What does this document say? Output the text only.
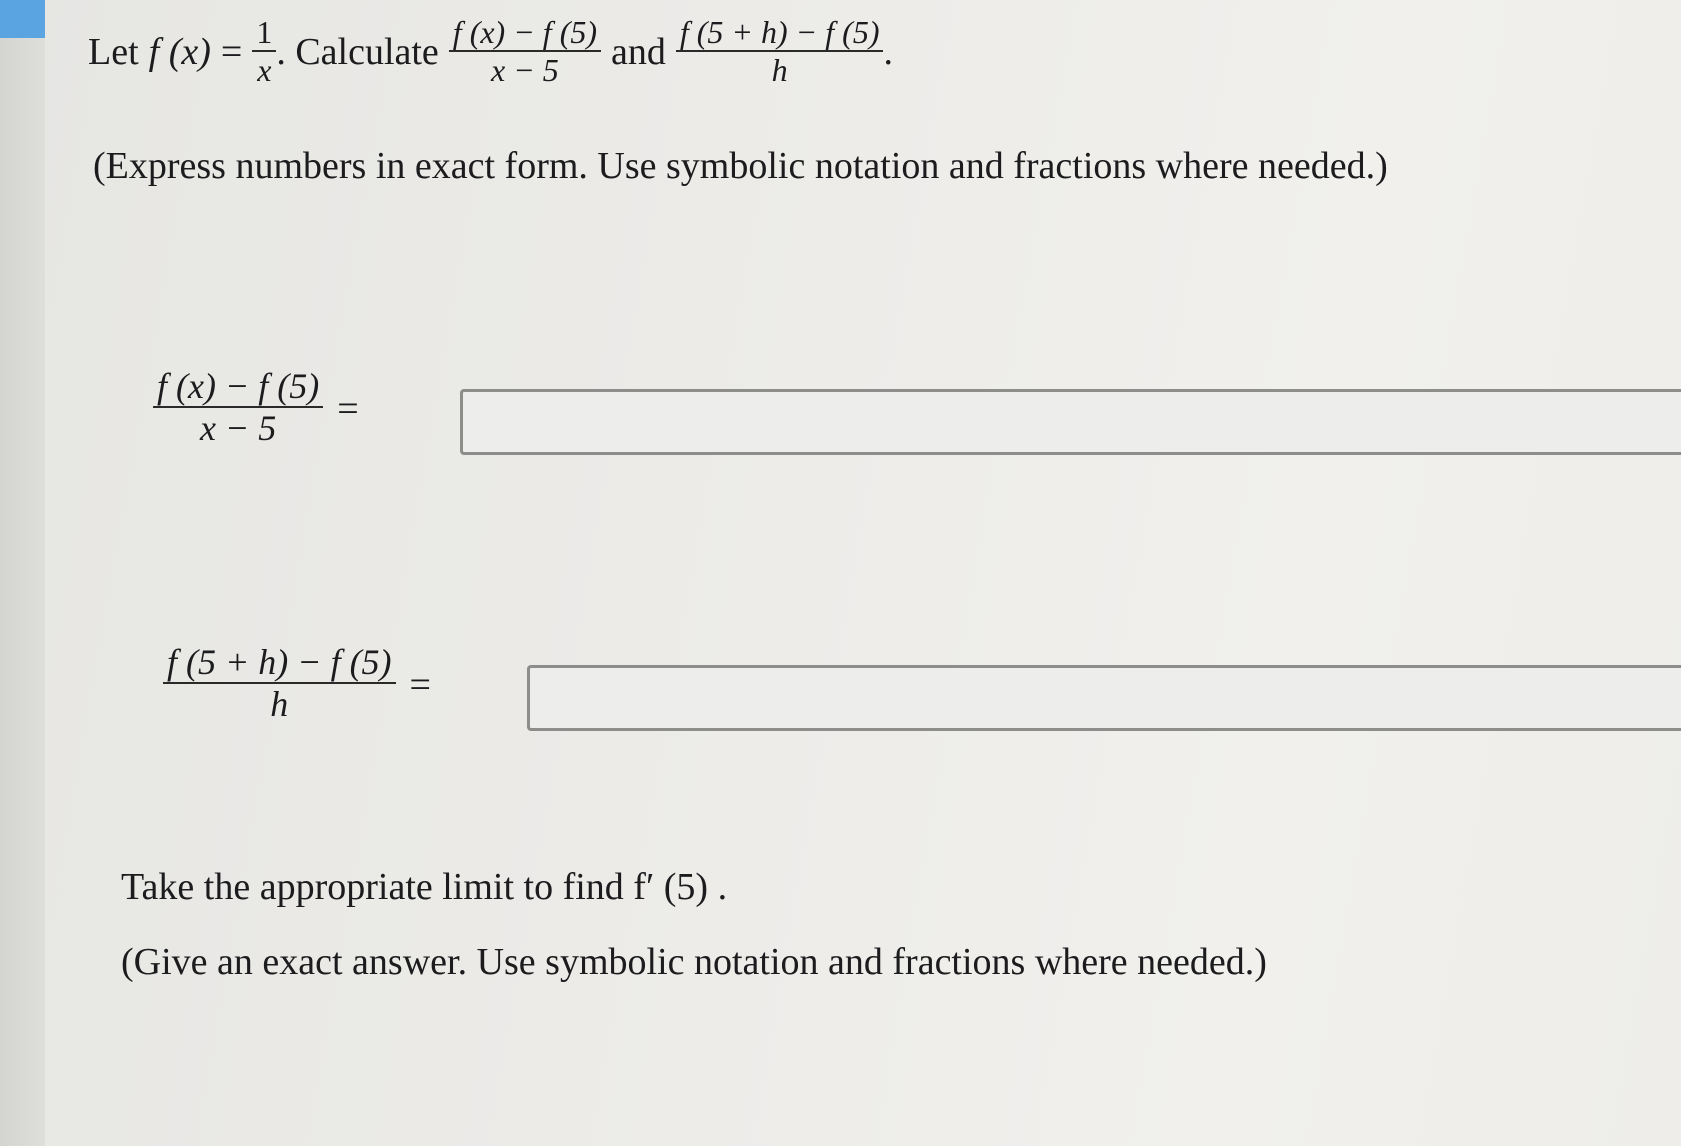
Let f $(x) = \frac{1}{x}$ . Calculate $\frac{f (x) - f (5)}{x - 5}$ and $\frac{f (5 + h) - f (5)}{h}$ .
(Express numbers in exact form. Use symbolic notation and fractions where needed.)
$\frac{f (x) - f (5)}{x - 5}$ =
$\frac{f (5 + h) - f (5)}{h}$ =
Take the appropriate limit to find f′ (5) .
(Give an exact answer. Use symbolic notation and fractions where needed.)
